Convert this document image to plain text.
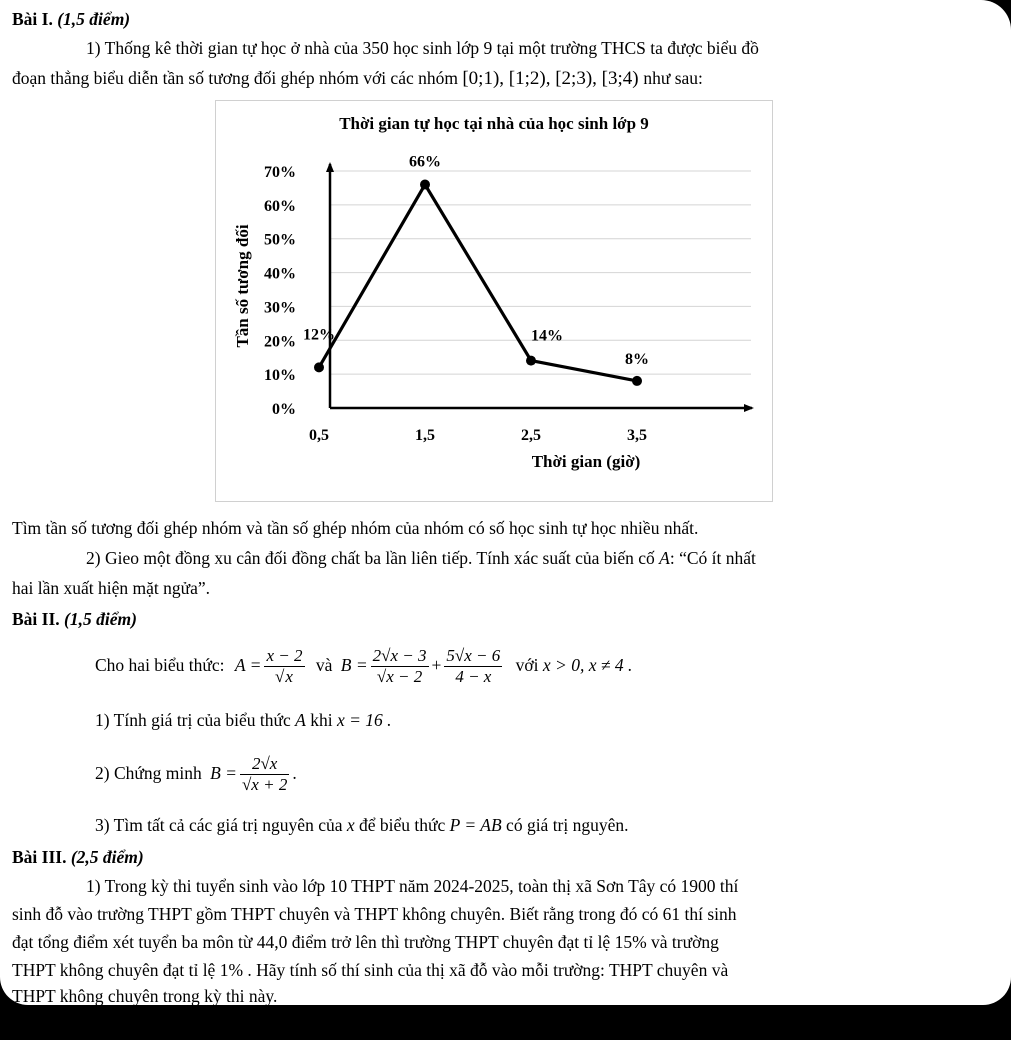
Bài I. (1,5 điểm)
1) Thống kê thời gian tự học ở nhà của 350 học sinh lớp 9 tại một trường THCS ta được biểu đồ
đoạn thẳng biểu diễn tần số tương đối ghép nhóm với các nhóm [0;1), [1;2), [2;3), [3;4) như sau:
Thời gian tự học tại nhà của học sinh lớp 9
0%
10%
20%
30%
40%
50%
60%
70%
0,5	1,5	2,5	3,5
12%
66%
14%
8%
Thời gian (giờ)
Tần số tương đối
Tìm tần số tương đối ghép nhóm và tần số ghép nhóm của nhóm có số học sinh tự học nhiều nhất.
2) Gieo một đồng xu cân đối đồng chất ba lần liên tiếp. Tính xác suất của biến cố A: “Có ít nhất
hai lần xuất hiện mặt ngửa”.
Bài II. (1,5 điểm)
Cho hai biểu thức: $A = \frac{x - 2}{√x}$ và $B = \frac{2√x - 3}{√x - 2} + \frac{5√x - 6}{4 - x}$ với x > 0, x ≠ 4 .
1) Tính giá trị của biểu thức A khi x = 16 .
2) Chứng minh $B = \frac{2√x}{√x + 2}$ .
3) Tìm tất cả các giá trị nguyên của x để biểu thức P = AB có giá trị nguyên.
Bài III. (2,5 điểm)
1) Trong kỳ thi tuyển sinh vào lớp 10 THPT năm 2024-2025, toàn thị xã Sơn Tây có 1900 thí
sinh đỗ vào trường THPT gồm THPT chuyên và THPT không chuyên. Biết rằng trong đó có 61 thí sinh
đạt tổng điểm xét tuyển ba môn từ 44,0 điểm trở lên thì trường THPT chuyên đạt tỉ lệ 15% và trường
THPT không chuyên đạt tỉ lệ 1% . Hãy tính số thí sinh của thị xã đỗ vào mỗi trường: THPT chuyên và
THPT không chuyên trong kỳ thi này.
